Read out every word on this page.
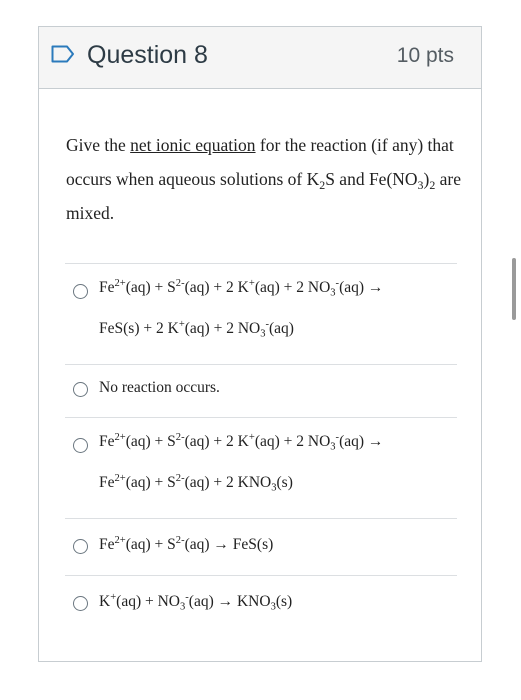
Question 8	10 pts
Give the net ionic equation for the reaction (if any) that occurs when aqueous solutions of $K_2S$ and $Fe(NO_3)_2$ are mixed.
$Fe^{2+}(aq) + S^{2-}(aq) + 2$ K+(aq) + 2 $NO_3^-(aq)$ →
FeS(s) + 2 K+(aq) + 2 $NO_3^-(aq)$
No reaction occurs.
$Fe^{2+}(aq) + S^{2-}(aq) + 2$ K+(aq) + 2 $NO_3^-(aq)$ →
$Fe^{2+}(aq) + S^{2-}(aq) + 2$ $KNO_3(s)$
$Fe^{2+}(aq) + S^{2-}(aq) \to FeS(s)$
$K^+(aq) + NO_3^-(aq) \to KNO_3(s)$
